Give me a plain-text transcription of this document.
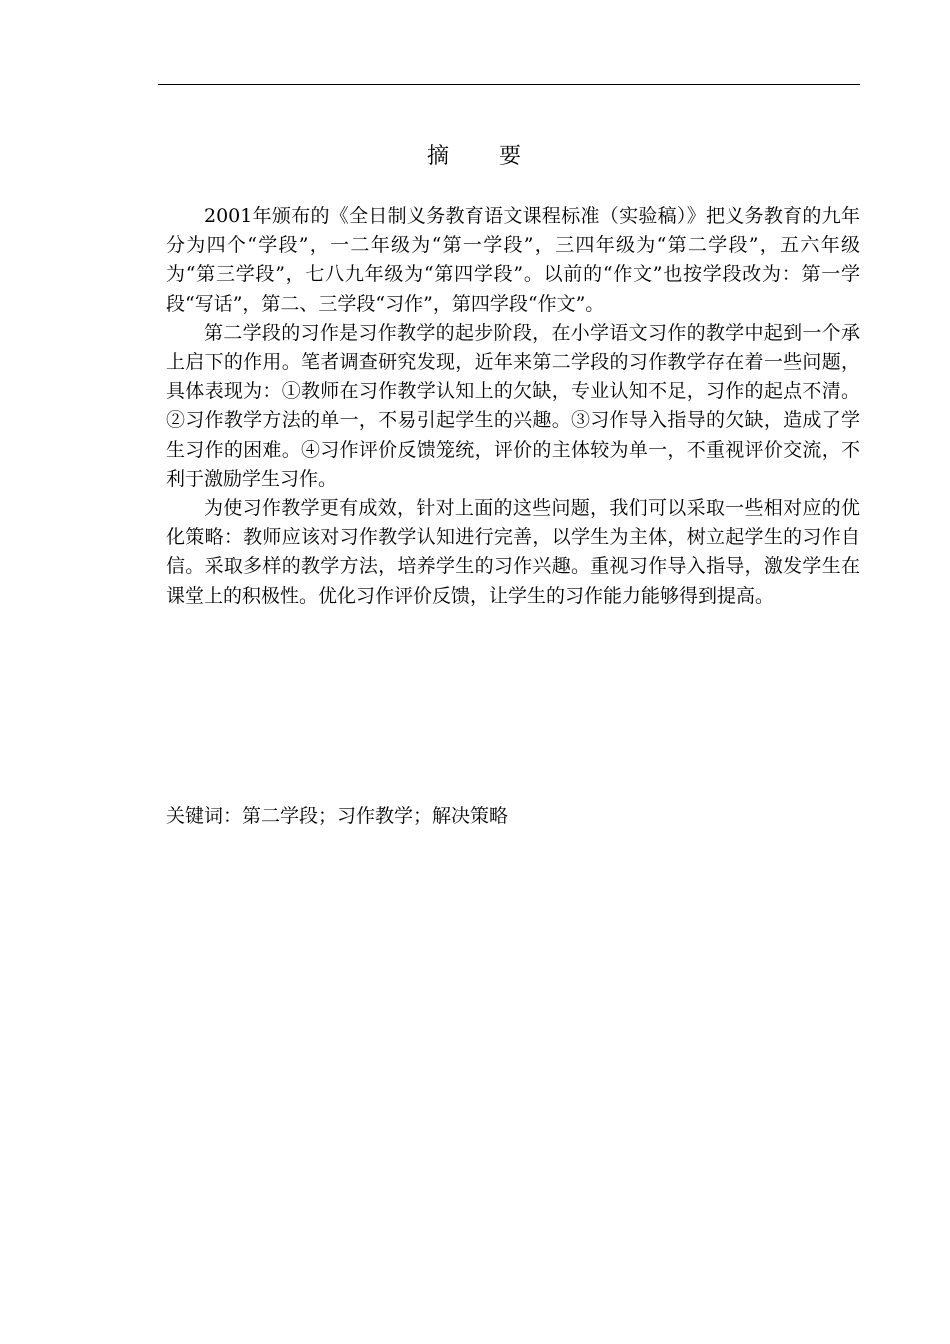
摘　　要

2001年颁布的《全日制义务教育语文课程标准（实验稿）》把义务教育的九年分为四个“学段”，一二年级为“第一学段”，三四年级为“第二学段”，五六年级为“第三学段”，七八九年级为“第四学段”。以前的“作文”也按学段改为：第一学段“写话”，第二、三学段“习作”，第四学段“作文”。

第二学段的习作是习作教学的起步阶段，在小学语文习作的教学中起到一个承上启下的作用。笔者调查研究发现，近年来第二学段的习作教学存在着一些问题，具体表现为：①教师在习作教学认知上的欠缺，专业认知不足，习作的起点不清。②习作教学方法的单一，不易引起学生的兴趣。③习作导入指导的欠缺，造成了学生习作的困难。④习作评价反馈笼统，评价的主体较为单一，不重视评价交流，不利于激励学生习作。

为使习作教学更有成效，针对上面的这些问题，我们可以采取一些相对应的优化策略：教师应该对习作教学认知进行完善，以学生为主体，树立起学生的习作自信。采取多样的教学方法，培养学生的习作兴趣。重视习作导入指导，激发学生在课堂上的积极性。优化习作评价反馈，让学生的习作能力能够得到提高。

关键词：第二学段；习作教学；解决策略
